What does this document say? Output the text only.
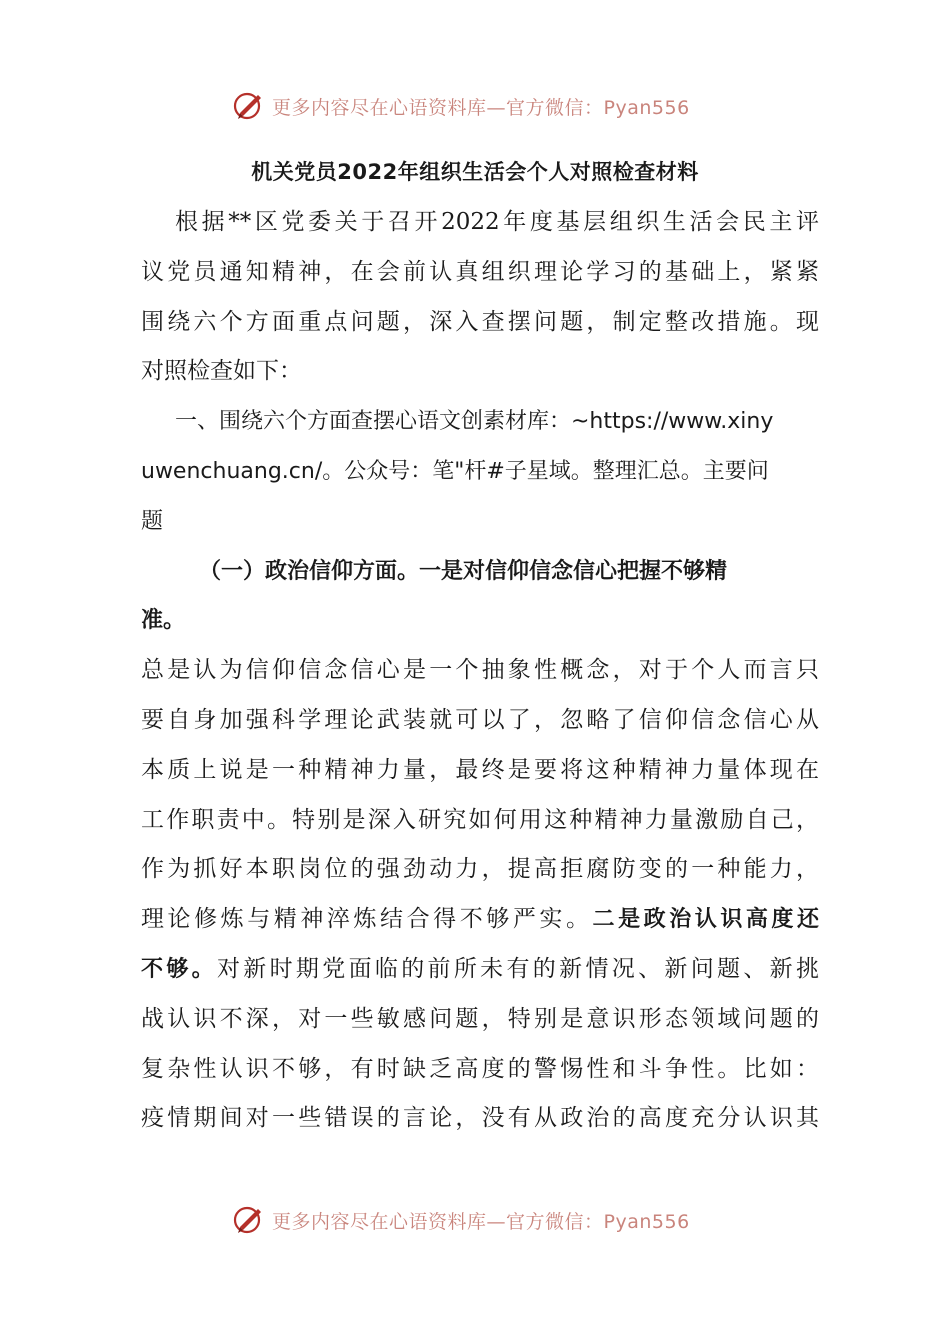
更多内容尽在心语资料库—官方微信：Pyan556
机关党员2022年组织生活会个人对照检查材料
根据**区党委关于召开2022年度基层组织生活会民主评
议党员通知精神，在会前认真组织理论学习的基础上，紧紧
围绕六个方面重点问题，深入查摆问题，制定整改措施。现
对照检查如下：
一、围绕六个方面查摆心语文创素材库：~https://www.xiny
uwenchuang.cn/。公众号：笔"杆#子星域。整理汇总。主要问
题
（一）政治信仰方面。一是对信仰信念信心把握不够精
准。
总是认为信仰信念信心是一个抽象性概念，对于个人而言只
要自身加强科学理论武装就可以了，忽略了信仰信念信心从
本质上说是一种精神力量，最终是要将这种精神力量体现在
工作职责中。特别是深入研究如何用这种精神力量激励自己，
作为抓好本职岗位的强劲动力，提高拒腐防变的一种能力，
理论修炼与精神淬炼结合得不够严实。二是政治认识高度还
不够。对新时期党面临的前所未有的新情况、新问题、新挑
战认识不深，对一些敏感问题，特别是意识形态领域问题的
复杂性认识不够，有时缺乏高度的警惕性和斗争性。比如：
疫情期间对一些错误的言论，没有从政治的高度充分认识其
更多内容尽在心语资料库—官方微信：Pyan556
